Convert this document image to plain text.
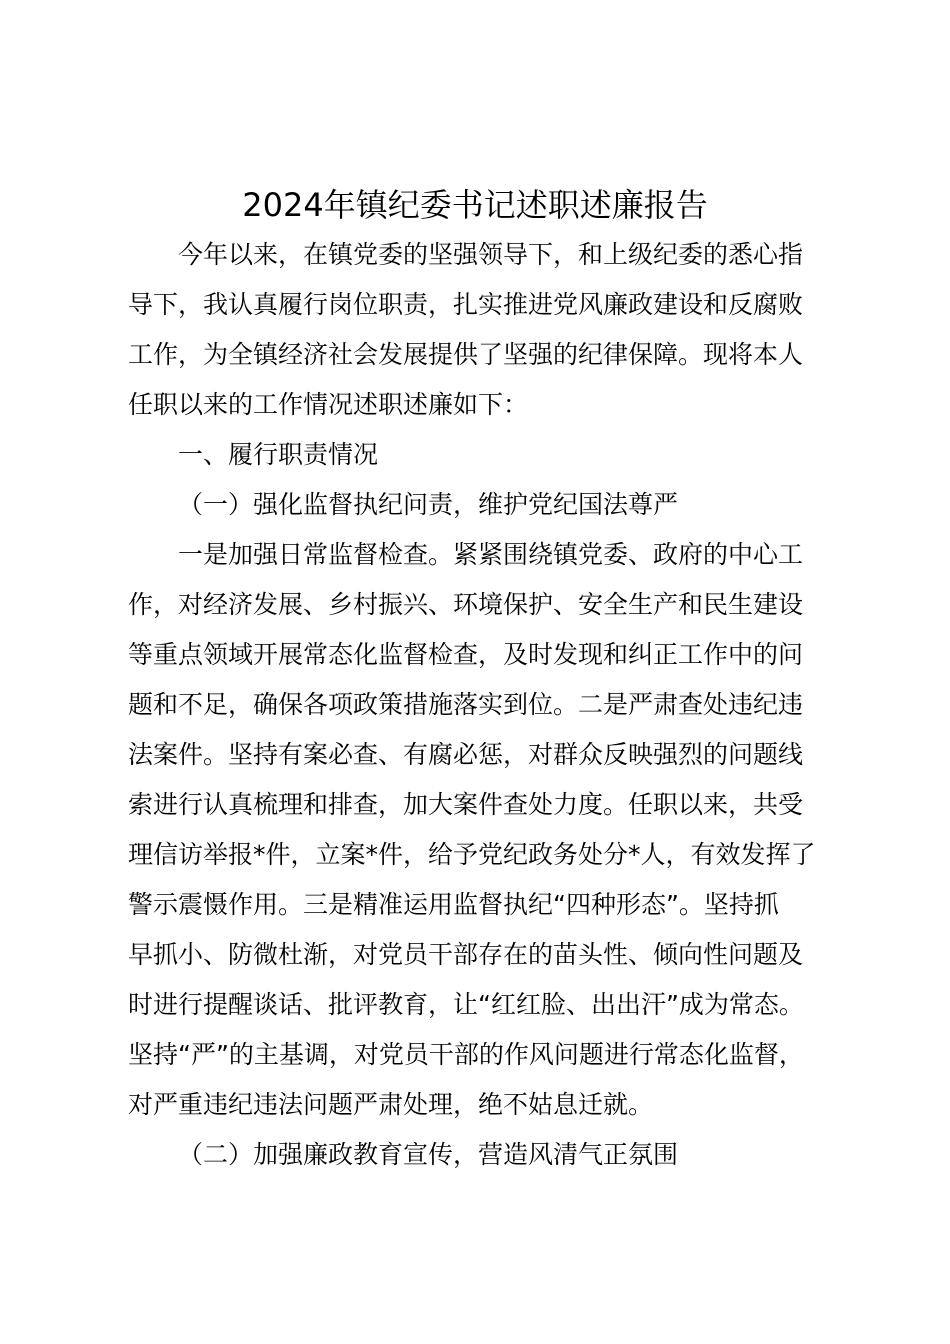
2024年镇纪委书记述职述廉报告
今年以来，在镇党委的坚强领导下，和上级纪委的悉心指
导下，我认真履行岗位职责，扎实推进党风廉政建设和反腐败
工作，为全镇经济社会发展提供了坚强的纪律保障。现将本人
任职以来的工作情况述职述廉如下：
一、履行职责情况
（一）强化监督执纪问责，维护党纪国法尊严
一是加强日常监督检查。紧紧围绕镇党委、政府的中心工
作，对经济发展、乡村振兴、环境保护、安全生产和民生建设
等重点领域开展常态化监督检查，及时发现和纠正工作中的问
题和不足，确保各项政策措施落实到位。二是严肃查处违纪违
法案件。坚持有案必查、有腐必惩，对群众反映强烈的问题线
索进行认真梳理和排查，加大案件查处力度。任职以来，共受
理信访举报*件，立案*件，给予党纪政务处分*人，有效发挥了
警示震慑作用。三是精准运用监督执纪“四种形态”。坚持抓
早抓小、防微杜渐，对党员干部存在的苗头性、倾向性问题及
时进行提醒谈话、批评教育，让“红红脸、出出汗”成为常态。
坚持“严”的主基调，对党员干部的作风问题进行常态化监督，
对严重违纪违法问题严肃处理，绝不姑息迁就。
（二）加强廉政教育宣传，营造风清气正氛围
